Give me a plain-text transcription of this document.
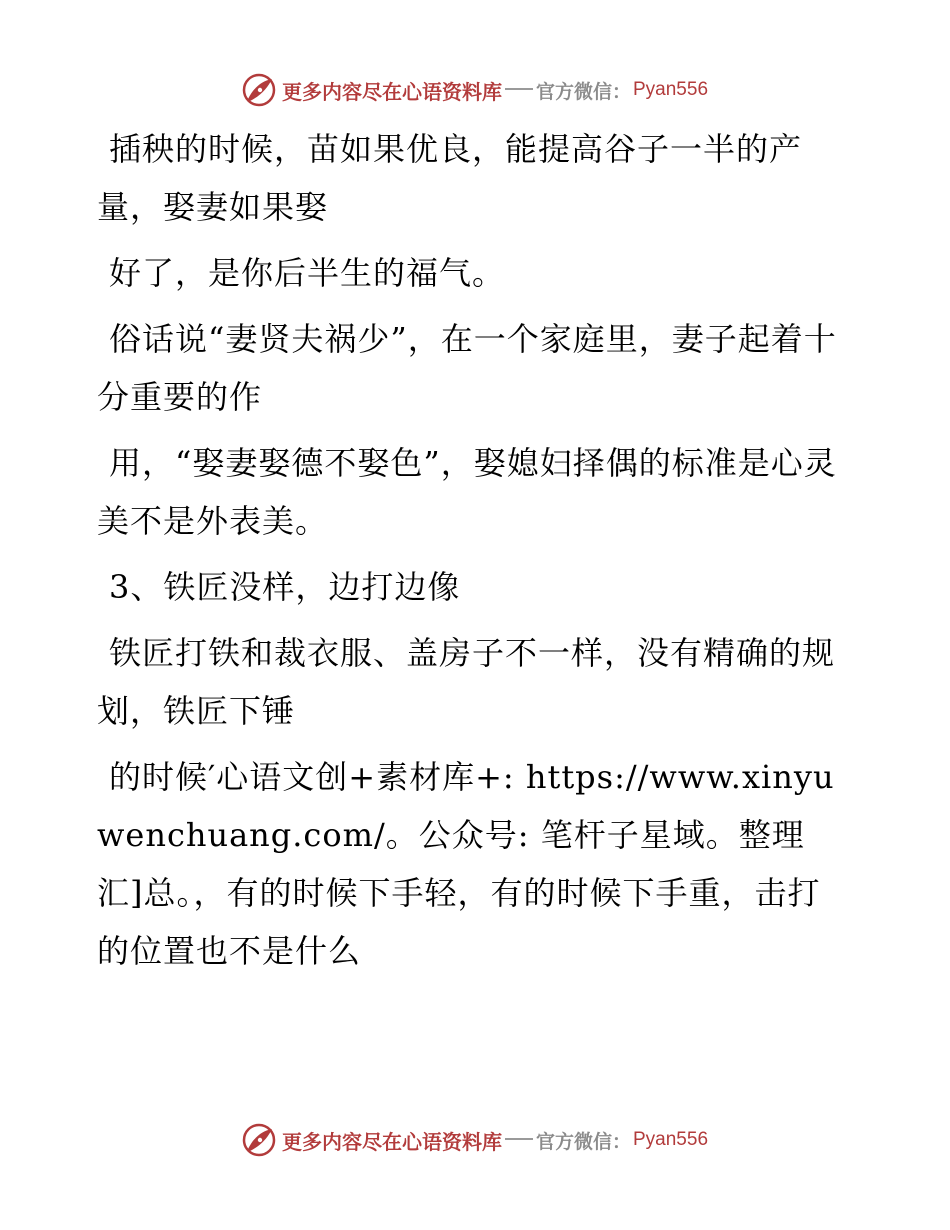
更多内容尽在心语资料库 官方微信： Pyan556

插秧的时候，苗如果优良，能提高谷子一半的产量，娶妻如果娶

好了，是你后半生的福气。

俗话说“妻贤夫祸少”，在一个家庭里，妻子起着十分重要的作

用，“娶妻娶德不娶色”，娶媳妇择偶的标准是心灵美不是外表美。

3、铁匠没样，边打边像

铁匠打铁和裁衣服、盖房子不一样，没有精确的规划，铁匠下锤

的时候′心语文创+素材库+: https://www.xinyuwenchuang.com/。公众号: 笔杆子星域。整理汇]总。，有的时候下手轻，有的时候下手重，击打的位置也不是什么

更多内容尽在心语资料库 官方微信： Pyan556
